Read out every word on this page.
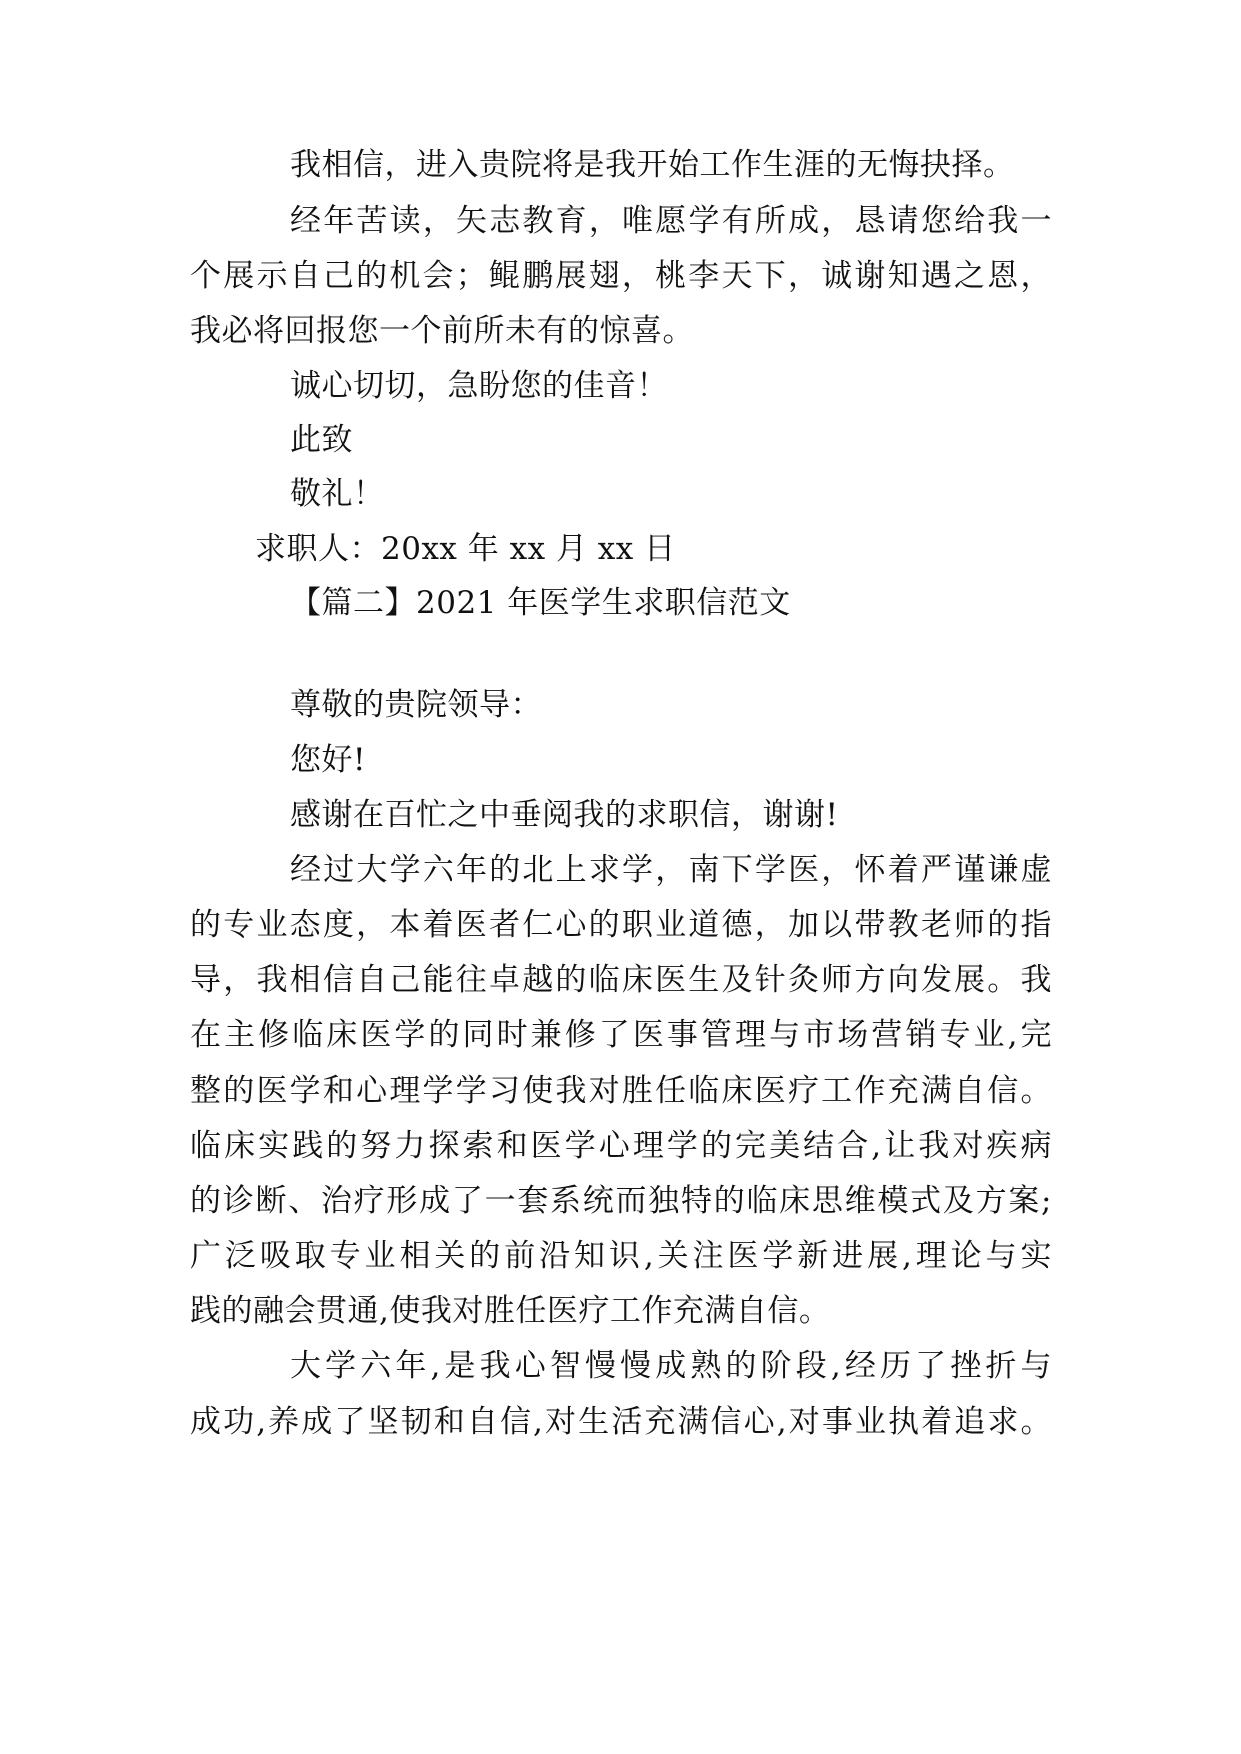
我相信，进入贵院将是我开始工作生涯的无悔抉择。
经年苦读，矢志教育，唯愿学有所成，恳请您给我一
个展示自己的机会；鲲鹏展翅，桃李天下，诚谢知遇之恩，
我必将回报您一个前所未有的惊喜。
诚心切切，急盼您的佳音！
此致
敬礼！
求职人：20xx 年 xx 月 xx 日
【篇二】2021 年医学生求职信范文
尊敬的贵院领导：
您好!
感谢在百忙之中垂阅我的求职信，谢谢!
经过大学六年的北上求学，南下学医，怀着严谨谦虚
的专业态度，本着医者仁心的职业道德，加以带教老师的指
导，我相信自己能往卓越的临床医生及针灸师方向发展。我
在主修临床医学的同时兼修了医事管理与市场营销专业,完
整的医学和心理学学习使我对胜任临床医疗工作充满自信。
临床实践的努力探索和医学心理学的完美结合,让我对疾病
的诊断、治疗形成了一套系统而独特的临床思维模式及方案;
广泛吸取专业相关的前沿知识,关注医学新进展,理论与实
践的融会贯通,使我对胜任医疗工作充满自信。
大学六年,是我心智慢慢成熟的阶段,经历了挫折与
成功,养成了坚韧和自信,对生活充满信心,对事业执着追求。
